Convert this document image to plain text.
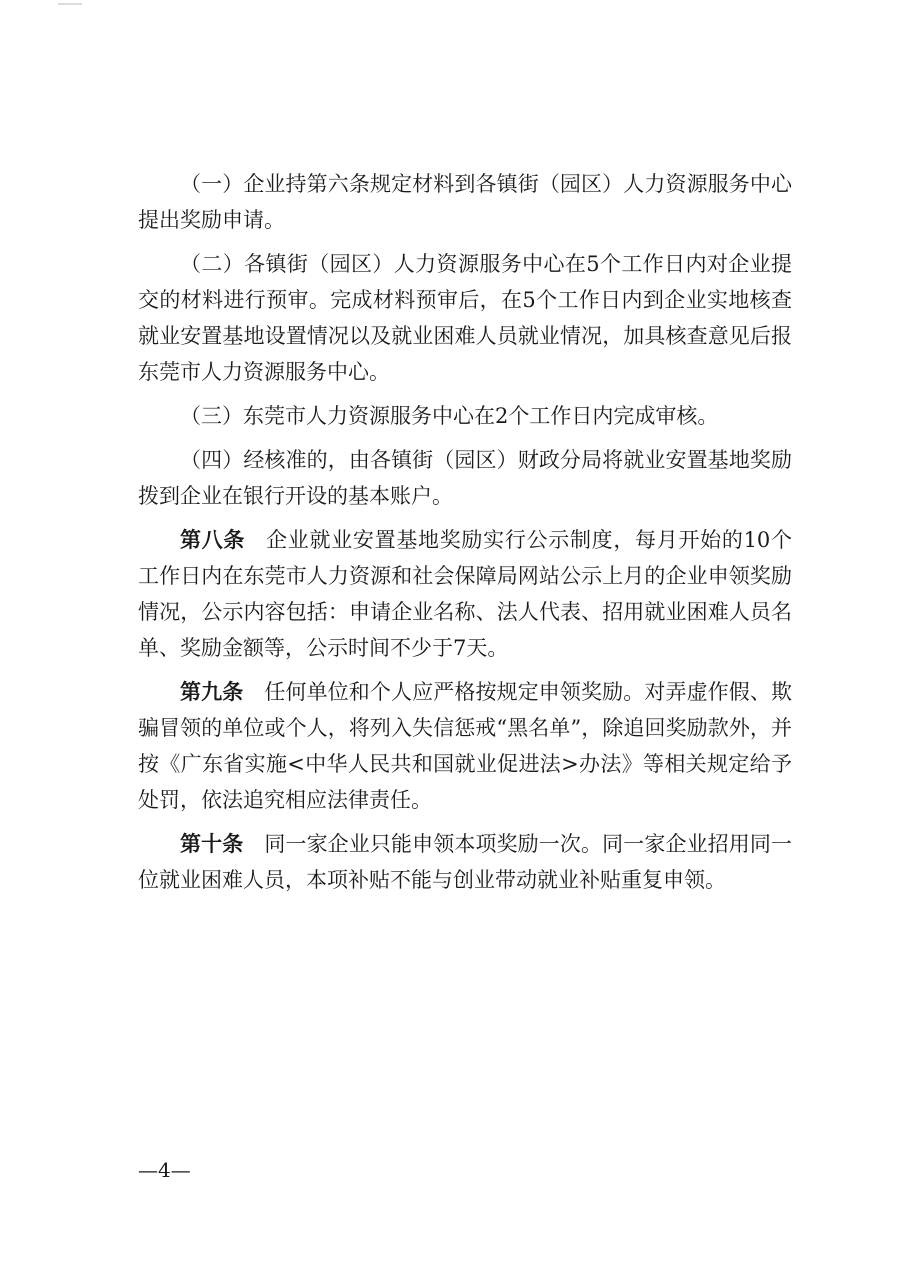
（一）企业持第六条规定材料到各镇街（园区）人力资源服务中心提出奖励申请。

（二）各镇街（园区）人力资源服务中心在5个工作日内对企业提交的材料进行预审。完成材料预审后，在5个工作日内到企业实地核查就业安置基地设置情况以及就业困难人员就业情况，加具核查意见后报东莞市人力资源服务中心。

（三）东莞市人力资源服务中心在2个工作日内完成审核。

（四）经核准的，由各镇街（园区）财政分局将就业安置基地奖励拨到企业在银行开设的基本账户。

第八条 企业就业安置基地奖励实行公示制度，每月开始的10个工作日内在东莞市人力资源和社会保障局网站公示上月的企业申领奖励情况，公示内容包括：申请企业名称、法人代表、招用就业困难人员名单、奖励金额等，公示时间不少于7天。

第九条 任何单位和个人应严格按规定申领奖励。对弄虚作假、欺骗冒领的单位或个人，将列入失信惩戒“黑名单”，除追回奖励款外，并按《广东省实施<中华人民共和国就业促进法>办法》等相关规定给予处罚，依法追究相应法律责任。

第十条 同一家企业只能申领本项奖励一次。同一家企业招用同一位就业困难人员，本项补贴不能与创业带动就业补贴重复申领。

—4—
